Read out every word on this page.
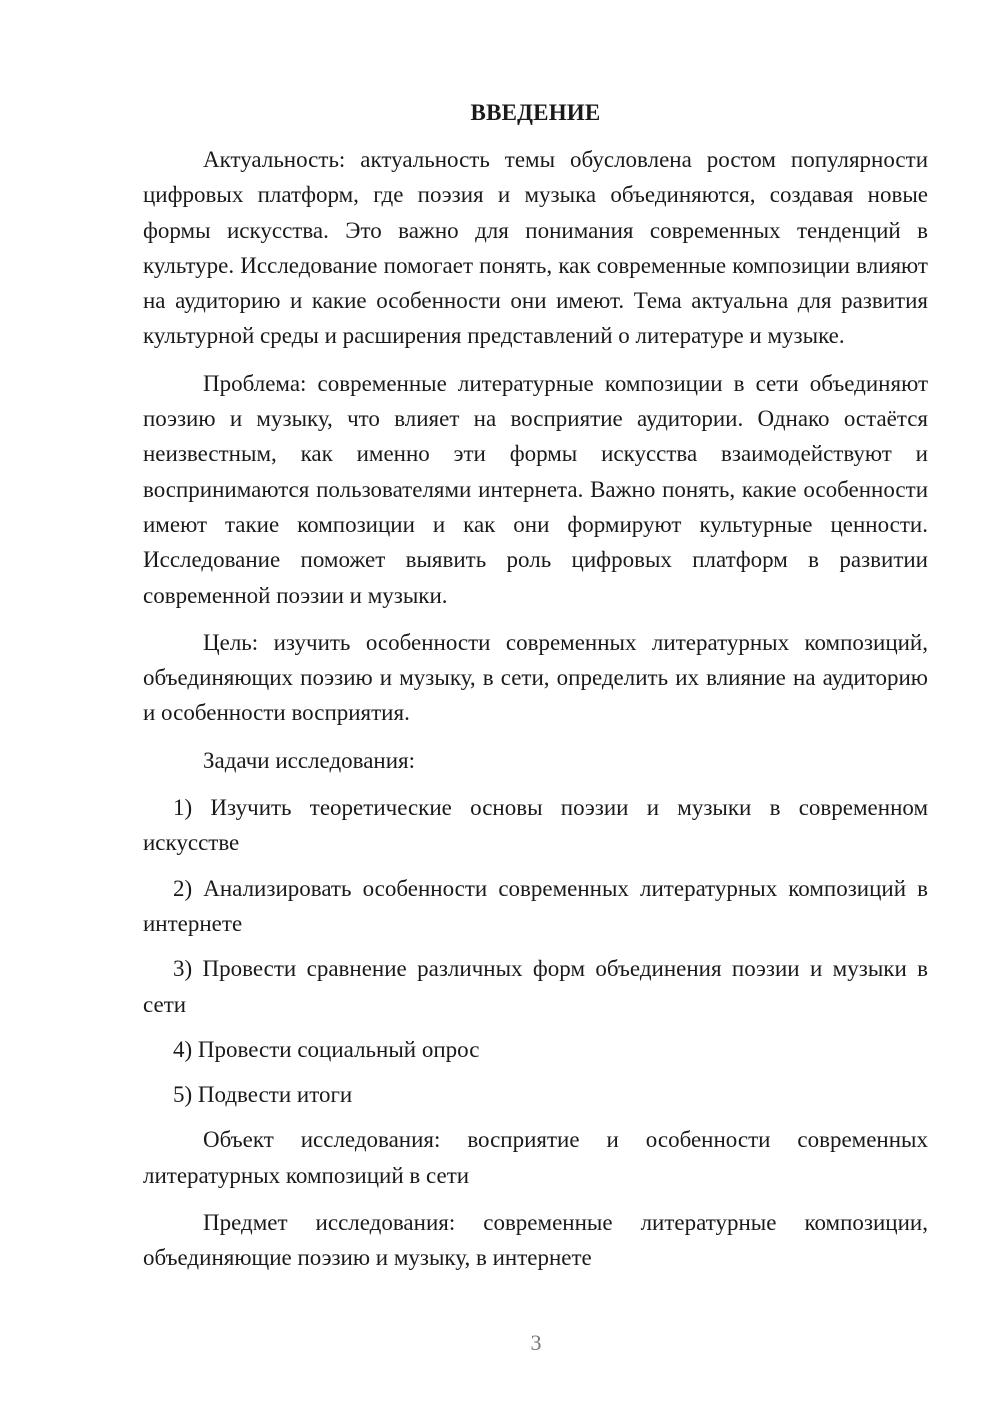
ВВЕДЕНИЕ

Актуальность: актуальность темы обусловлена ростом популярности цифровых платформ, где поэзия и музыка объединяются, создавая новые формы искусства. Это важно для понимания современных тенденций в культуре. Исследование помогает понять, как современные композиции влияют на аудиторию и какие особенности они имеют. Тема актуальна для развития культурной среды и расширения представлений о литературе и музыке.

Проблема: современные литературные композиции в сети объединяют поэзию и музыку, что влияет на восприятие аудитории. Однако остаётся неизвестным, как именно эти формы искусства взаимодействуют и воспринимаются пользователями интернета. Важно понять, какие особенности имеют такие композиции и как они формируют культурные ценности. Исследование поможет выявить роль цифровых платформ в развитии современной поэзии и музыки.

Цель: изучить особенности современных литературных композиций, объединяющих поэзию и музыку, в сети, определить их влияние на аудиторию и особенности восприятия.

Задачи исследования:

1) Изучить теоретические основы поэзии и музыки в современном искусстве

2) Анализировать особенности современных литературных композиций в интернете

3) Провести сравнение различных форм объединения поэзии и музыки в сети

4) Провести социальный опрос

5) Подвести итоги

Объект исследования: восприятие и особенности современных литературных композиций в сети

Предмет исследования: современные литературные композиции, объединяющие поэзию и музыку, в интернете

3
